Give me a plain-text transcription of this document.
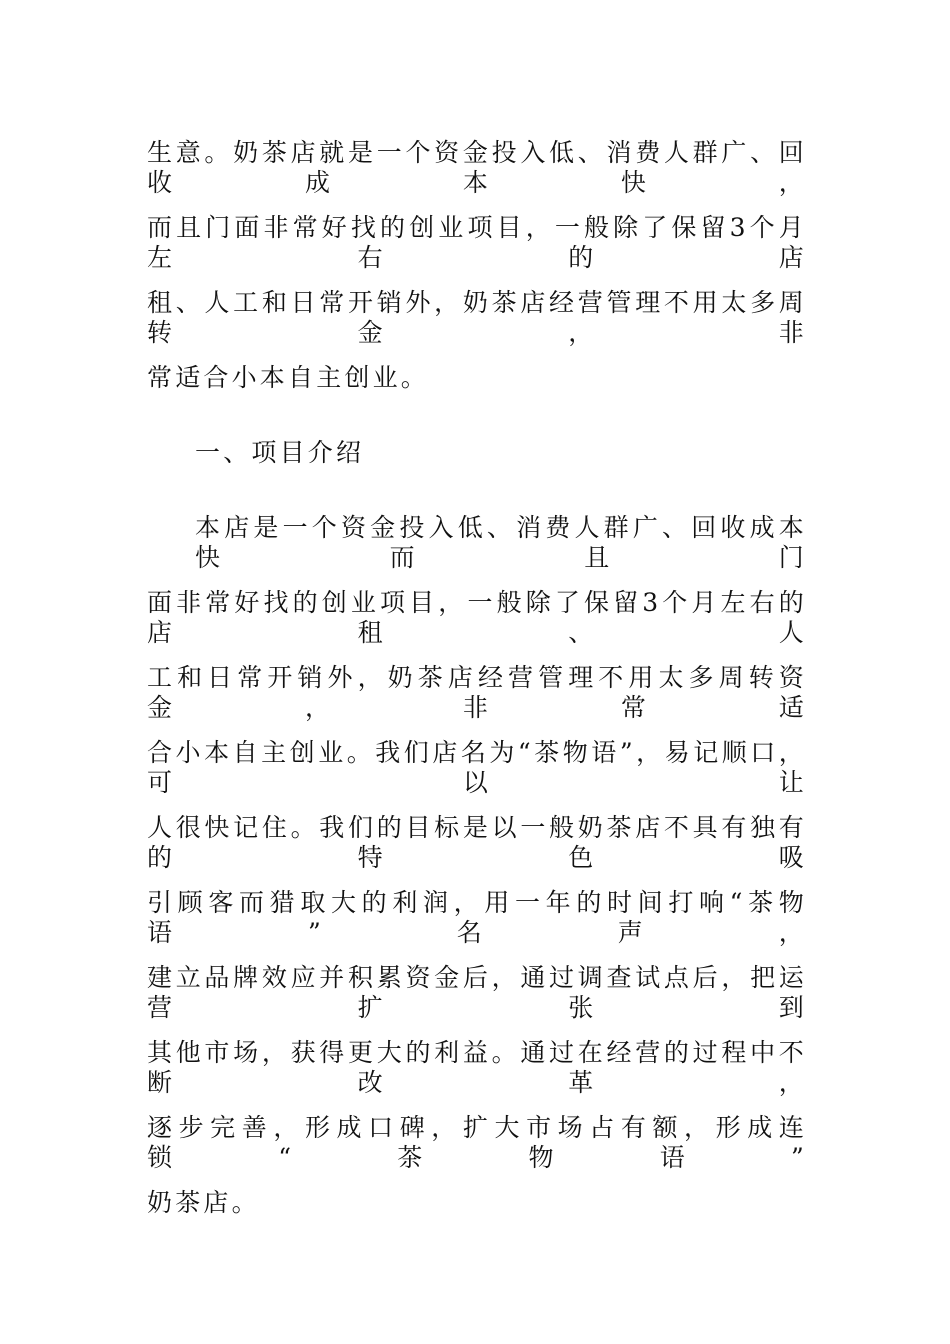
生意。奶茶店就是一个资金投入低、消费人群广、回收成本快，
而且门面非常好找的创业项目，一般除了保留3个月左右的店
租、人工和日常开销外，奶茶店经营管理不用太多周转金，非
常适合小本自主创业。
一、项目介绍
本店是一个资金投入低、消费人群广、回收成本快而且门
面非常好找的创业项目，一般除了保留3个月左右的店租、人
工和日常开销外，奶茶店经营管理不用太多周转资金，非常适
合小本自主创业。我们店名为“茶物语”，易记顺口，可以让
人很快记住。我们的目标是以一般奶茶店不具有独有的特色吸
引顾客而猎取大的利润，用一年的时间打响“茶物语”名声，
建立品牌效应并积累资金后，通过调查试点后，把运营扩张到
其他市场，获得更大的利益。通过在经营的过程中不断改革，
逐步完善，形成口碑，扩大市场占有额，形成连锁“茶物语”
奶茶店。
